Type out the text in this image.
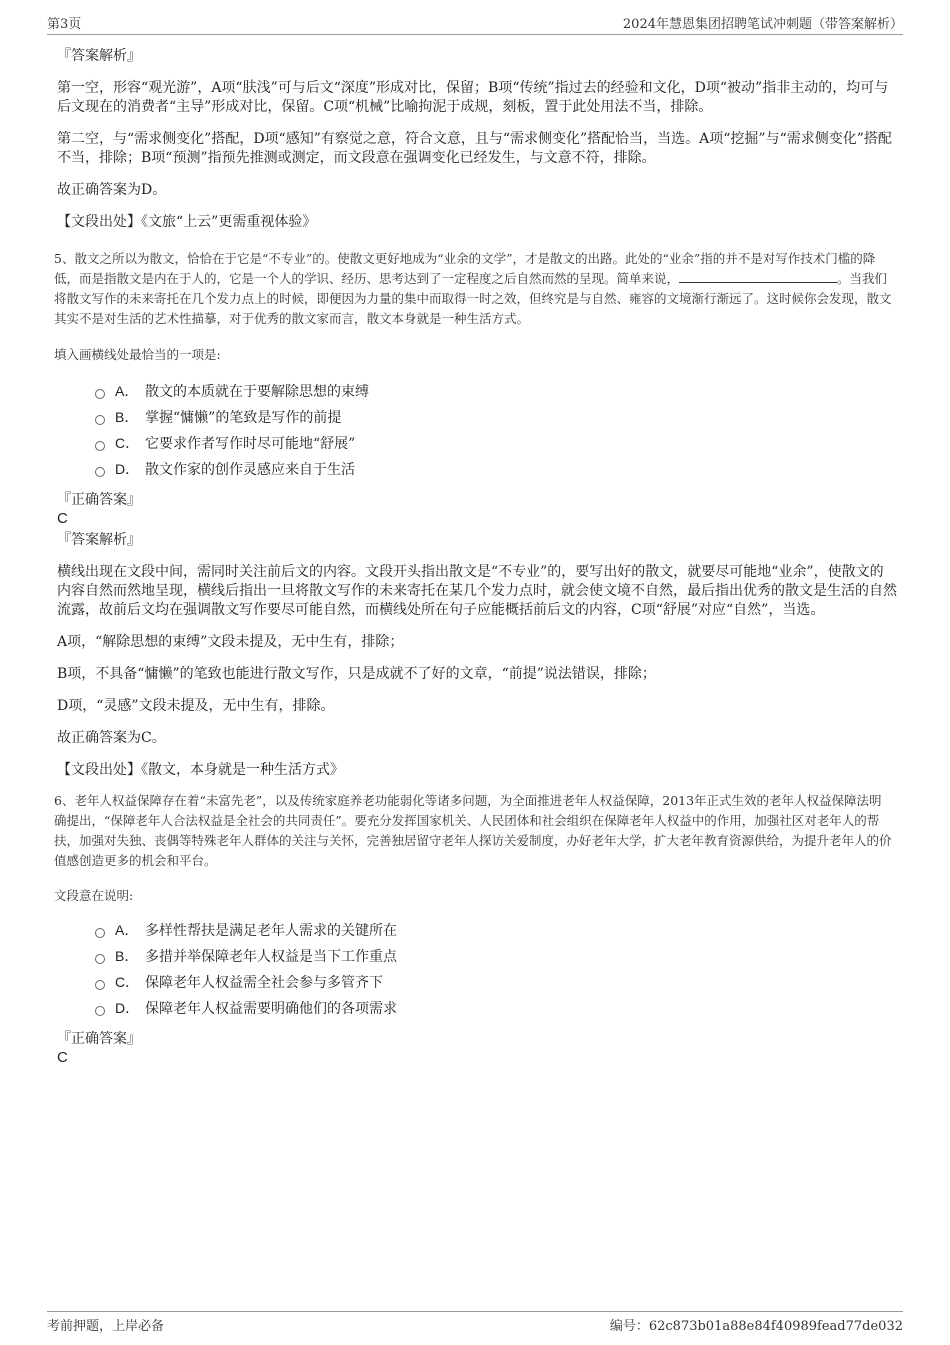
第3页	2024年慧恩集团招聘笔试冲刺题（带答案解析）

『答案解析』

第一空，形容“观光游”，A项“肤浅”可与后文“深度”形成对比，保留；B项“传统”指过去的经验和文化，D项“被动”指非主动的，均可与后文现在的消费者“主导”形成对比，保留。C项“机械”比喻拘泥于成规，刻板，置于此处用法不当，排除。

第二空，与“需求侧变化”搭配，D项“感知”有察觉之意，符合文意，且与“需求侧变化”搭配恰当，当选。A项“挖掘”与“需求侧变化”搭配不当，排除；B项“预测”指预先推测或测定，而文段意在强调变化已经发生，与文意不符，排除。

故正确答案为D。

【文段出处】《文旅“上云”更需重视体验》

5、散文之所以为散文，恰恰在于它是“不专业”的。使散文更好地成为“业余的文学”，才是散文的出路。此处的“业余”指的并不是对写作技术门槛的降低，而是指散文是内在于人的，它是一个人的学识、经历、思考达到了一定程度之后自然而然的呈现。简单来说，	。当我们将散文写作的未来寄托在几个发力点上的时候，即便因为力量的集中而取得一时之效，但终究是与自然、雍容的文境渐行渐远了。这时候你会发现，散文其实不是对生活的艺术性描摹，对于优秀的散文家而言，散文本身就是一种生活方式。

填入画横线处最恰当的一项是:

A． 散文的本质就在于要解除思想的束缚
B． 掌握“慵懒”的笔致是写作的前提
C． 它要求作者写作时尽可能地“舒展”
D． 散文作家的创作灵感应来自于生活

『正确答案』

C

『答案解析』

横线出现在文段中间，需同时关注前后文的内容。文段开头指出散文是“不专业”的，要写出好的散文，就要尽可能地“业余”，使散文的内容自然而然地呈现，横线后指出一旦将散文写作的未来寄托在某几个发力点时，就会使文境不自然，最后指出优秀的散文是生活的自然流露，故前后文均在强调散文写作要尽可能自然，而横线处所在句子应能概括前后文的内容，C项“舒展”对应“自然”，当选。

A项，“解除思想的束缚”文段未提及，无中生有，排除；

B项，不具备“慵懒”的笔致也能进行散文写作，只是成就不了好的文章，“前提”说法错误，排除；

D项，“灵感”文段未提及，无中生有，排除。

故正确答案为C。

【文段出处】《散文，本身就是一种生活方式》

6、老年人权益保障存在着“未富先老”，以及传统家庭养老功能弱化等诸多问题，为全面推进老年人权益保障，2013年正式生效的老年人权益保障法明确提出，“保障老年人合法权益是全社会的共同责任”。要充分发挥国家机关、人民团体和社会组织在保障老年人权益中的作用，加强社区对老年人的帮扶，加强对失独、丧偶等特殊老年人群体的关注与关怀，完善独居留守老年人探访关爱制度，办好老年大学，扩大老年教育资源供给，为提升老年人的价值感创造更多的机会和平台。

文段意在说明:

A． 多样性帮扶是满足老年人需求的关键所在
B． 多措并举保障老年人权益是当下工作重点
C． 保障老年人权益需全社会参与多管齐下
D． 保障老年人权益需要明确他们的各项需求

『正确答案』

C

考前押题，上岸必备	编号：62c873b01a88e84f40989fead77de032
